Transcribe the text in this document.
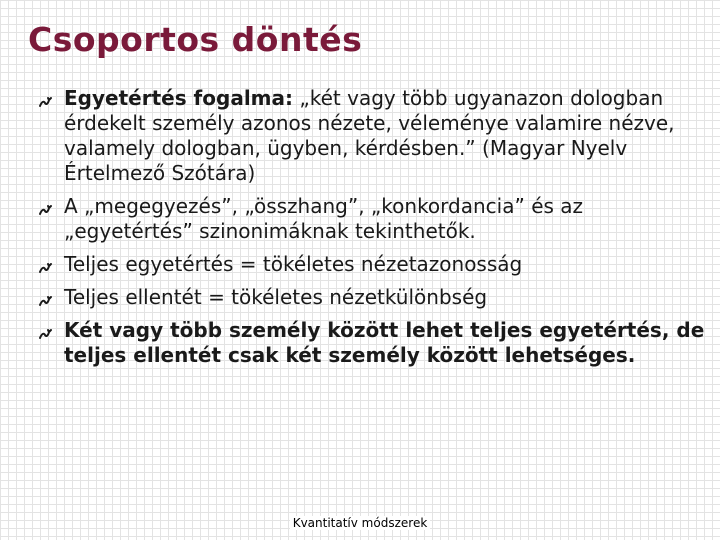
Csoportos döntés
Egyetértés fogalma: „két vagy több ugyanazon dologban érdekelt személy azonos nézete, véleménye valamire nézve, valamely dologban, ügyben, kérdésben.” (Magyar Nyelv Értelmező Szótára)
A „megegyezés”, „összhang”, „konkordancia” és az „egyetértés” szinonimáknak tekinthetők.
Teljes egyetértés = tökéletes nézetazonosság
Teljes ellentét = tökéletes nézetkülönbség
Két vagy több személy között lehet teljes egyetértés, de teljes ellentét csak két személy között lehetséges.
Kvantitatív módszerek
